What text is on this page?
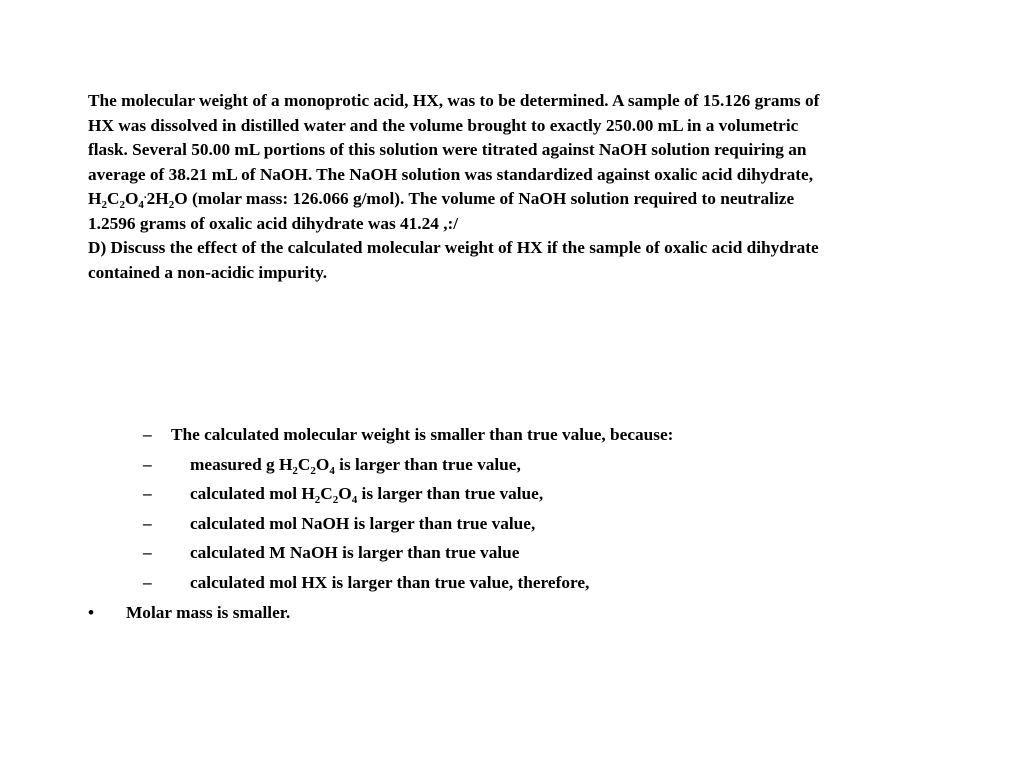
The molecular weight of a monoprotic acid, HX, was to be determined. A sample of 15.126 grams of
HX was dissolved in distilled water and the volume brought to exactly 250.00 mL in a volumetric
flask. Several 50.00 mL portions of this solution were titrated against NaOH solution requiring an
average of 38.21 mL of NaOH. The NaOH solution was standardized against oxalic acid dihydrate,
$H_2C_2O_4^.2H_2O$ (molar mass: 126.066 g/mol). The volume of NaOH solution required to neutralize
1.2596 grams of oxalic acid dihydrate was 41.24 ,:/
D) Discuss the effect of the calculated molecular weight of HX if the sample of oxalic acid dihydrate
contained a non-acidic impurity.
– The calculated molecular weight is smaller than true value, because:
– measured g $H_2C_2O_4$ is larger than true value,
– calculated mol $H_2C_2O_4$ is larger than true value,
– calculated mol NaOH is larger than true value,
– calculated M NaOH is larger than true value
– calculated mol HX is larger than true value, therefore,
• Molar mass is smaller.
